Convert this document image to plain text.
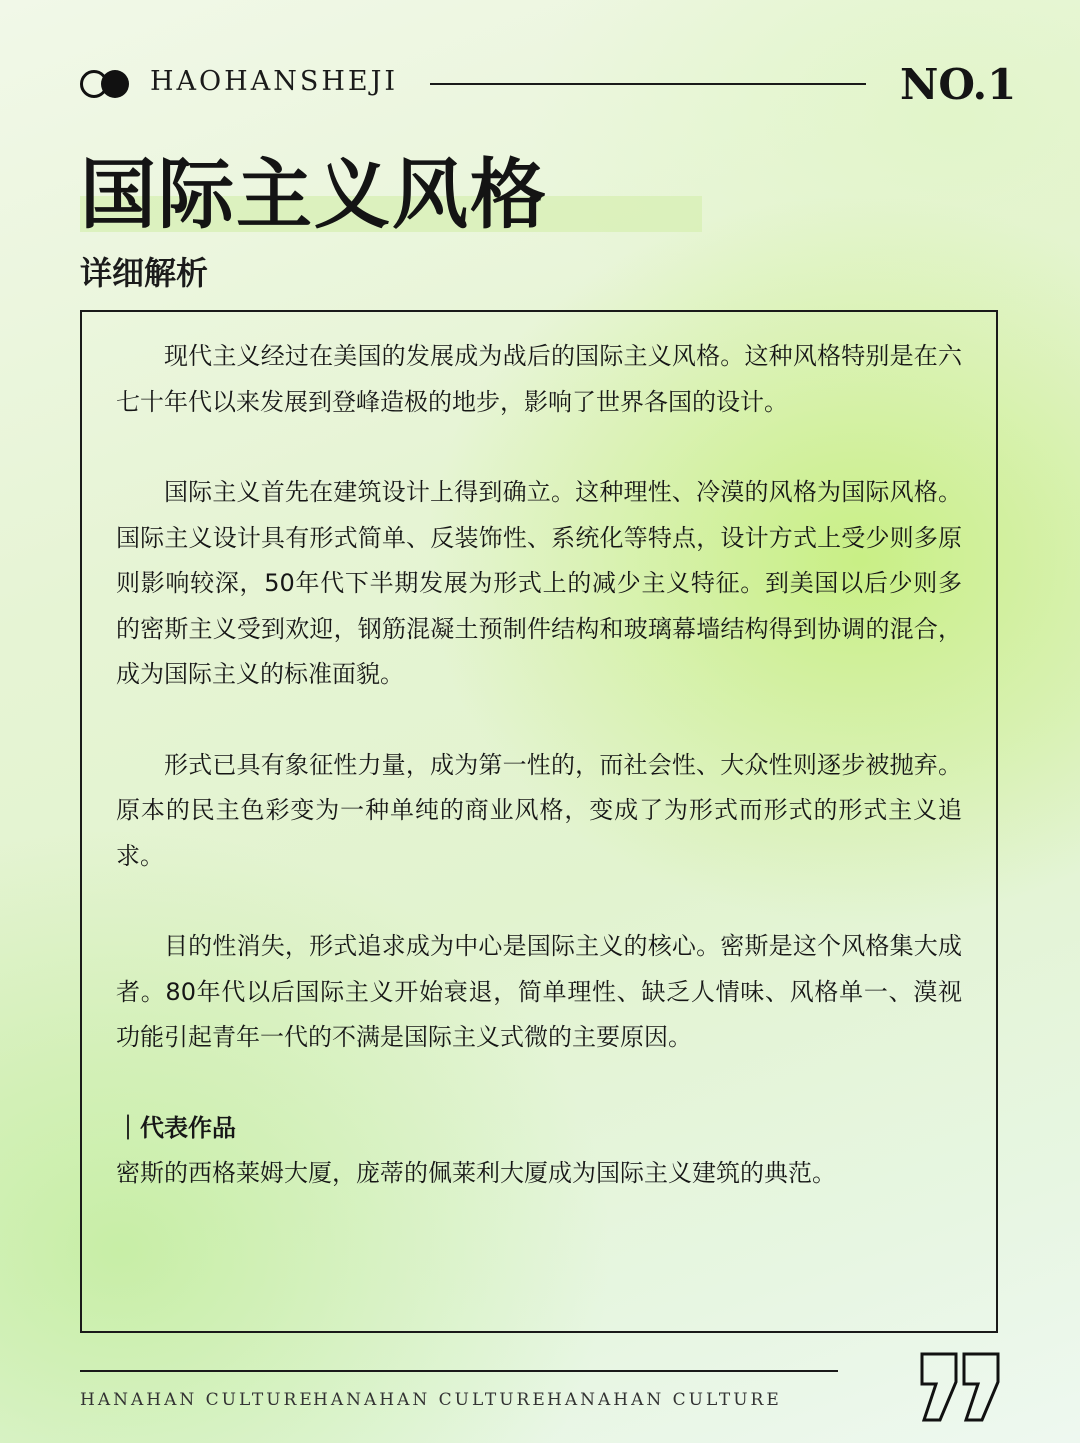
HAOHANSHEJI	NO.1
国际主义风格
详细解析

现代主义经过在美国的发展成为战后的国际主义风格。这种风格特别是在六七十年代以来发展到登峰造极的地步，影响了世界各国的设计。

国际主义首先在建筑设计上得到确立。这种理性、冷漠的风格为国际风格。国际主义设计具有形式简单、反装饰性、系统化等特点，设计方式上受少则多原则影响较深，50年代下半期发展为形式上的减少主义特征。到美国以后少则多的密斯主义受到欢迎，钢筋混凝土预制件结构和玻璃幕墙结构得到协调的混合，成为国际主义的标准面貌。

形式已具有象征性力量，成为第一性的，而社会性、大众性则逐步被抛弃。原本的民主色彩变为一种单纯的商业风格，变成了为形式而形式的形式主义追求。

目的性消失，形式追求成为中心是国际主义的核心。密斯是这个风格集大成者。80年代以后国际主义开始衰退，简单理性、缺乏人情味、风格单一、漠视功能引起青年一代的不满是国际主义式微的主要原因。

｜代表作品

密斯的西格莱姆大厦，庞蒂的佩莱利大厦成为国际主义建筑的典范。

HANAHAN CULTURE
HANAHAN CULTURE HANAHAN CULTURE
